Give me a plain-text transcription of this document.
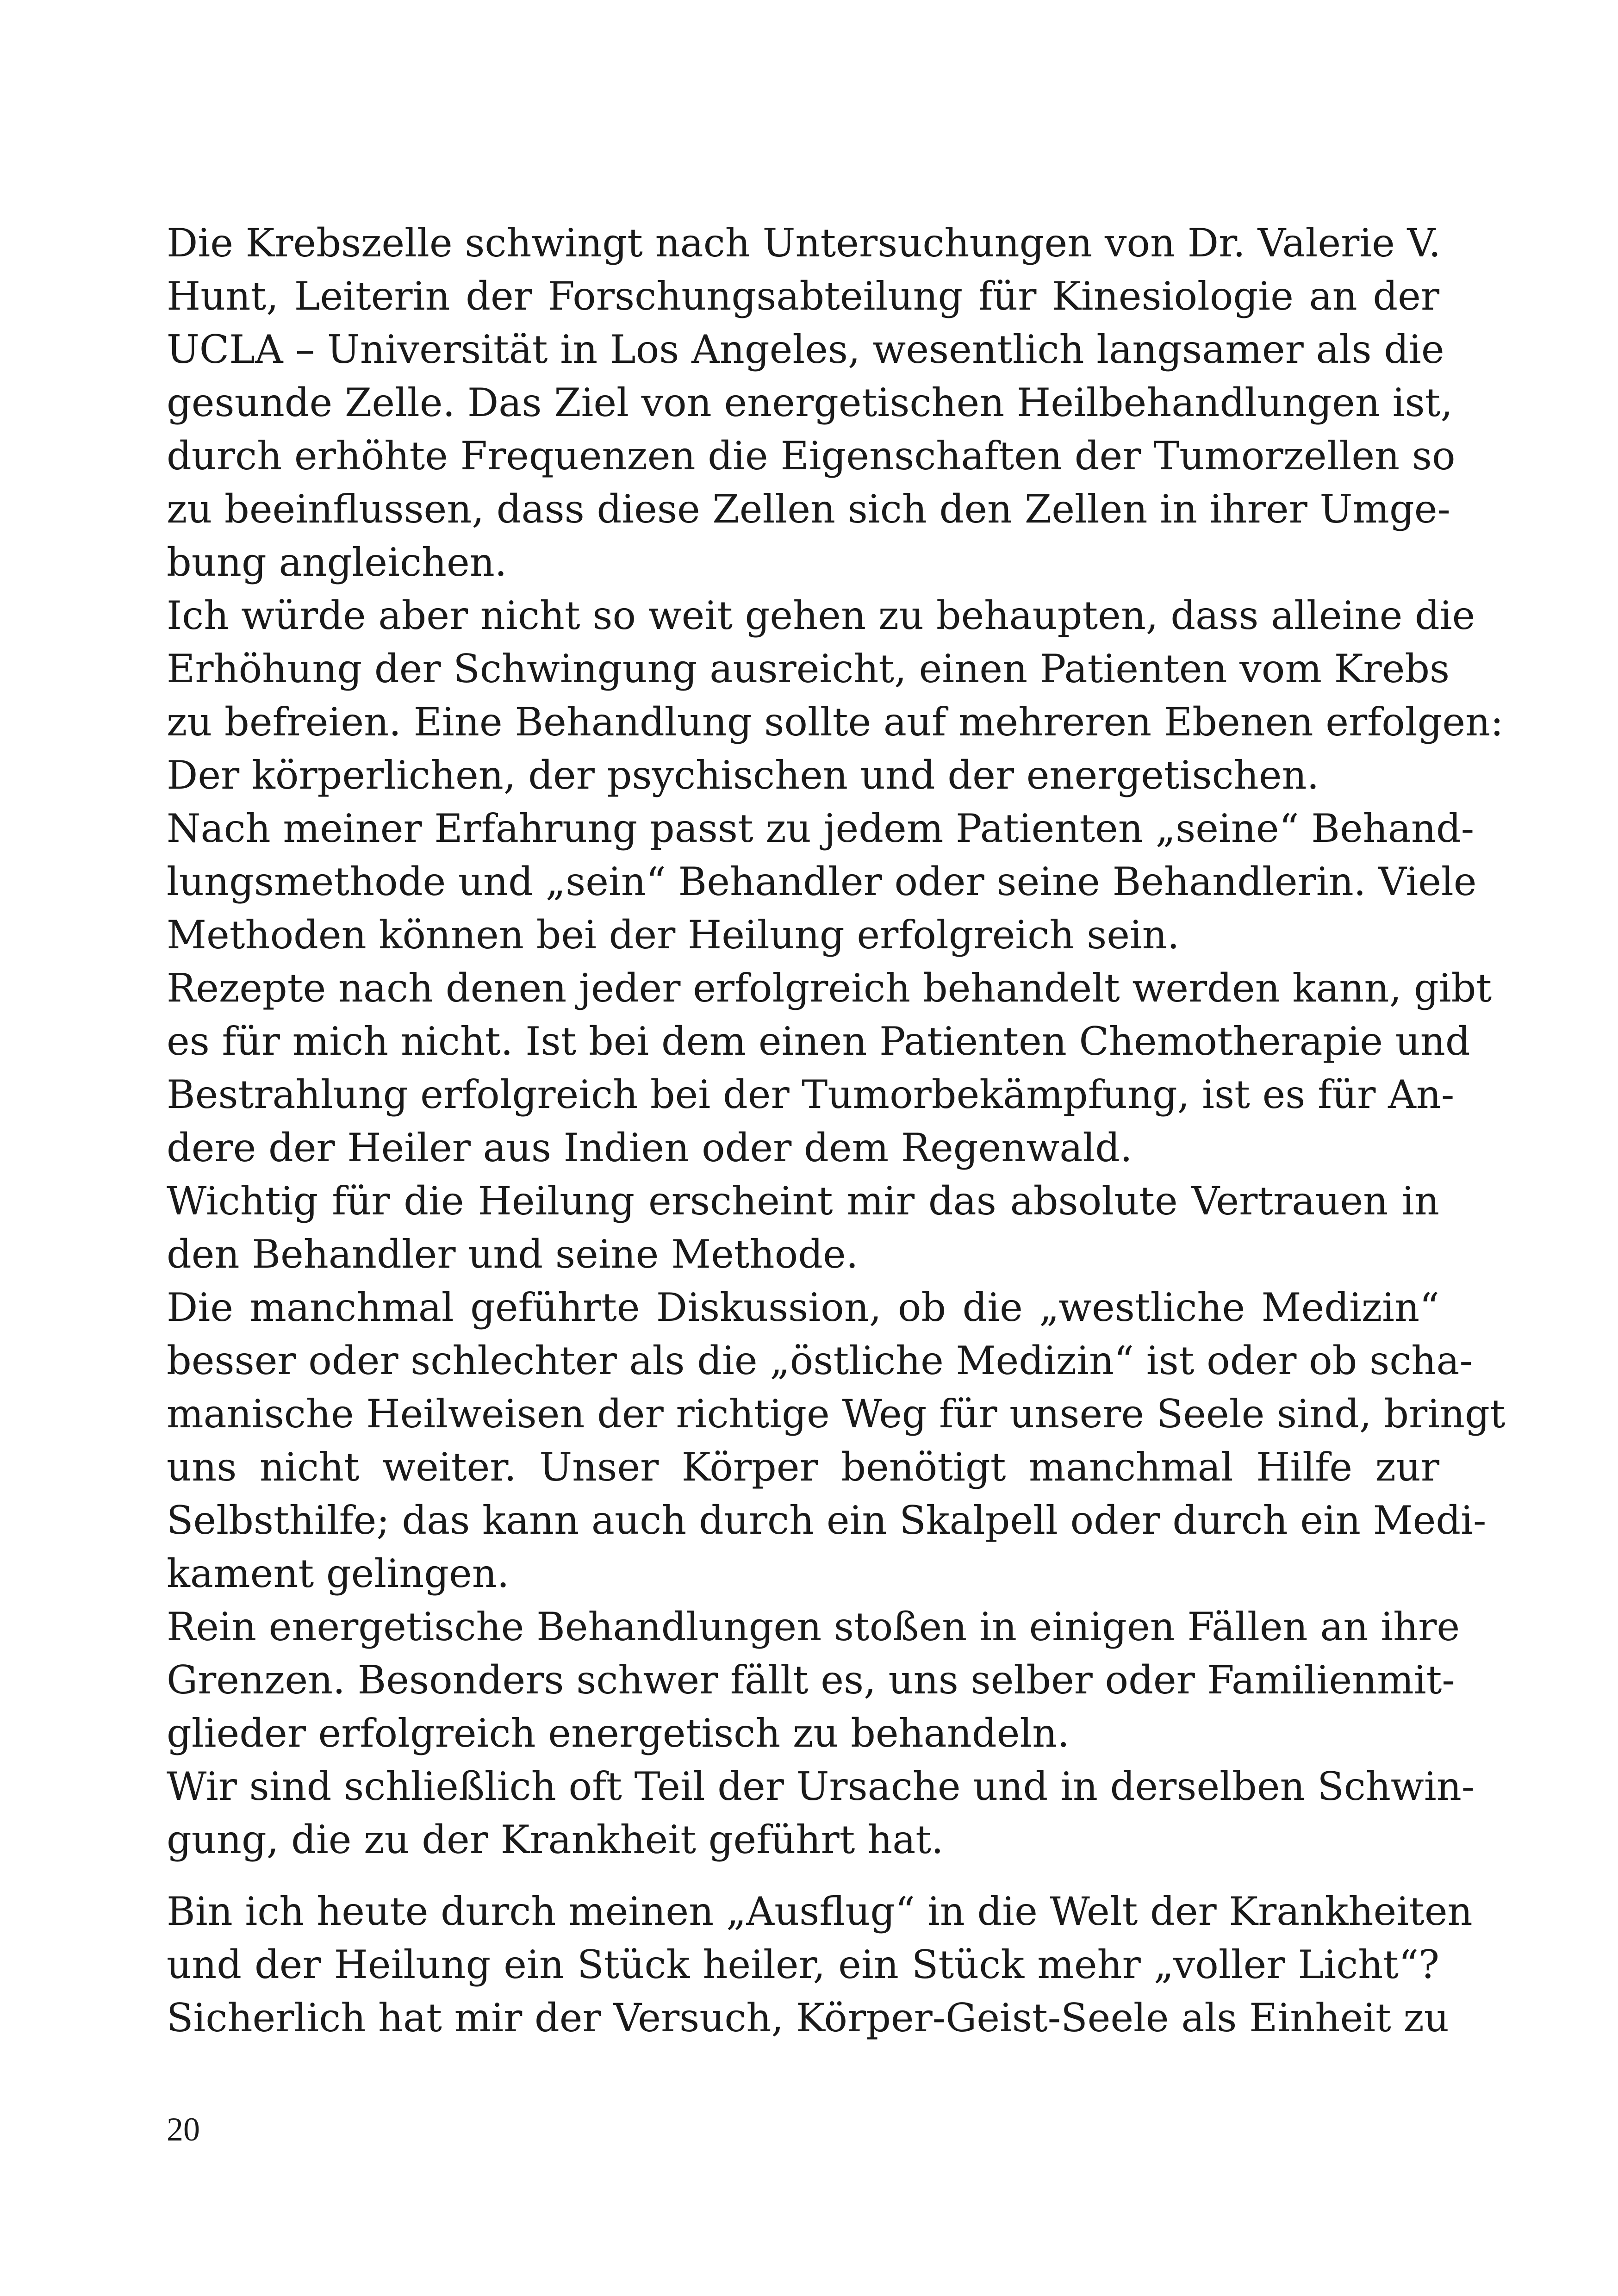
Die Krebszelle schwingt nach Untersuchungen von Dr. Valerie V.
Hunt, Leiterin der Forschungsabteilung für Kinesiologie an der
UCLA – Universität in Los Angeles, wesentlich langsamer als die
gesunde Zelle. Das Ziel von energetischen Heilbehandlungen ist,
durch erhöhte Frequenzen die Eigenschaften der Tumorzellen so
zu beeinflussen, dass diese Zellen sich den Zellen in ihrer Umge-
bung angleichen.
Ich würde aber nicht so weit gehen zu behaupten, dass alleine die
Erhöhung der Schwingung ausreicht, einen Patienten vom Krebs
zu befreien. Eine Behandlung sollte auf mehreren Ebenen erfolgen:
Der körperlichen, der psychischen und der energetischen.
Nach meiner Erfahrung passt zu jedem Patienten „seine“ Behand-
lungsmethode und „sein“ Behandler oder seine Behandlerin. Viele
Methoden können bei der Heilung erfolgreich sein.
Rezepte nach denen jeder erfolgreich behandelt werden kann, gibt
es für mich nicht. Ist bei dem einen Patienten Chemotherapie und
Bestrahlung erfolgreich bei der Tumorbekämpfung, ist es für An-
dere der Heiler aus Indien oder dem Regenwald.
Wichtig für die Heilung erscheint mir das absolute Vertrauen in
den Behandler und seine Methode.
Die manchmal geführte Diskussion, ob die „westliche Medizin“
besser oder schlechter als die „östliche Medizin“ ist oder ob scha-
manische Heilweisen der richtige Weg für unsere Seele sind, bringt
uns nicht weiter. Unser Körper benötigt manchmal Hilfe zur
Selbsthilfe; das kann auch durch ein Skalpell oder durch ein Medi-
kament gelingen.
Rein energetische Behandlungen stoßen in einigen Fällen an ihre
Grenzen. Besonders schwer fällt es, uns selber oder Familienmit-
glieder erfolgreich energetisch zu behandeln.
Wir sind schließlich oft Teil der Ursache und in derselben Schwin-
gung, die zu der Krankheit geführt hat.
Bin ich heute durch meinen „Ausflug“ in die Welt der Krankheiten
und der Heilung ein Stück heiler, ein Stück mehr „voller Licht“?
Sicherlich hat mir der Versuch, Körper-Geist-Seele als Einheit zu
20
